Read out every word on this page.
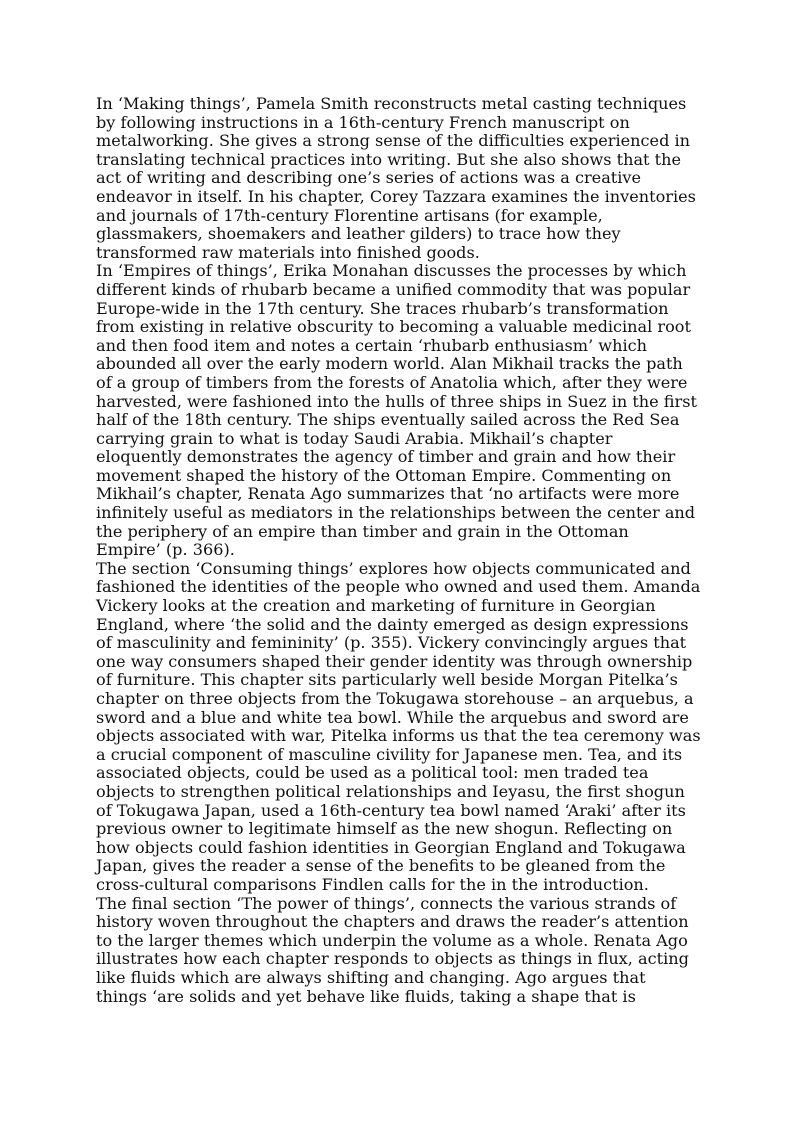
In ‘Making things’, Pamela Smith reconstructs metal casting techniques
by following instructions in a 16th-century French manuscript on
metalworking. She gives a strong sense of the difficulties experienced in
translating technical practices into writing. But she also shows that the
act of writing and describing one’s series of actions was a creative
endeavor in itself. In his chapter, Corey Tazzara examines the inventories
and journals of 17th-century Florentine artisans (for example,
glassmakers, shoemakers and leather gilders) to trace how they
transformed raw materials into finished goods.

In ‘Empires of things’, Erika Monahan discusses the processes by which
different kinds of rhubarb became a unified commodity that was popular
Europe-wide in the 17th century. She traces rhubarb’s transformation
from existing in relative obscurity to becoming a valuable medicinal root
and then food item and notes a certain ‘rhubarb enthusiasm’ which
abounded all over the early modern world. Alan Mikhail tracks the path
of a group of timbers from the forests of Anatolia which, after they were
harvested, were fashioned into the hulls of three ships in Suez in the first
half of the 18th century. The ships eventually sailed across the Red Sea
carrying grain to what is today Saudi Arabia. Mikhail’s chapter
eloquently demonstrates the agency of timber and grain and how their
movement shaped the history of the Ottoman Empire. Commenting on
Mikhail’s chapter, Renata Ago summarizes that ‘no artifacts were more
infinitely useful as mediators in the relationships between the center and
the periphery of an empire than timber and grain in the Ottoman
Empire’ (p. 366).

The section ‘Consuming things’ explores how objects communicated and
fashioned the identities of the people who owned and used them. Amanda
Vickery looks at the creation and marketing of furniture in Georgian
England, where ‘the solid and the dainty emerged as design expressions
of masculinity and femininity’ (p. 355). Vickery convincingly argues that
one way consumers shaped their gender identity was through ownership
of furniture. This chapter sits particularly well beside Morgan Pitelka’s
chapter on three objects from the Tokugawa storehouse – an arquebus, a
sword and a blue and white tea bowl. While the arquebus and sword are
objects associated with war, Pitelka informs us that the tea ceremony was
a crucial component of masculine civility for Japanese men. Tea, and its
associated objects, could be used as a political tool: men traded tea
objects to strengthen political relationships and Ieyasu, the first shogun
of Tokugawa Japan, used a 16th-century tea bowl named ‘Araki’ after its
previous owner to legitimate himself as the new shogun. Reflecting on
how objects could fashion identities in Georgian England and Tokugawa
Japan, gives the reader a sense of the benefits to be gleaned from the
cross-cultural comparisons Findlen calls for the in the introduction.

The final section ‘The power of things’, connects the various strands of
history woven throughout the chapters and draws the reader’s attention
to the larger themes which underpin the volume as a whole. Renata Ago
illustrates how each chapter responds to objects as things in flux, acting
like fluids which are always shifting and changing. Ago argues that
things ‘are solids and yet behave like fluids, taking a shape that is
